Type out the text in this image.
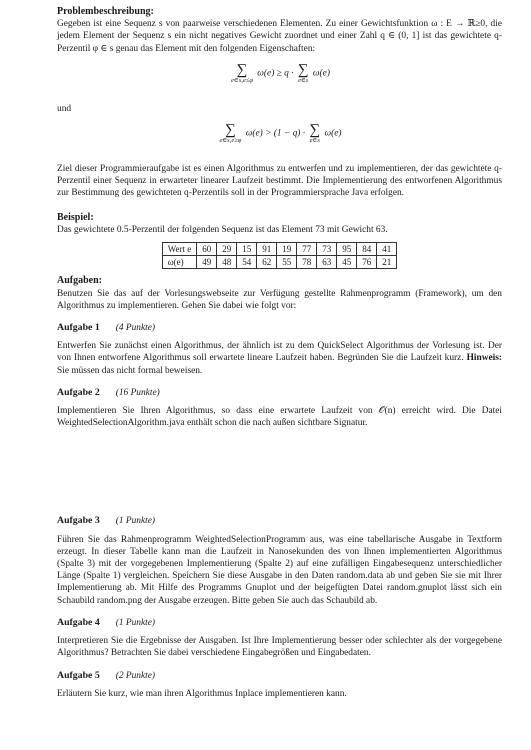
Problembeschreibung:

Gegeben ist eine Sequenz s von paarweise verschiedenen Elementen. Zu einer Gewichtsfunktion ω : E → ℝ≥0, die jedem Element der Sequenz s ein nicht negatives Gewicht zuordnet und einer Zahl q ∈ (0, 1] ist das gewichtete q-Perzentil φ ∈ s genau das Element mit den folgenden Eigenschaften:

∑
e∈s,e≤φ
ω(e) ≥ q · ∑
e∈s
ω(e)
und
∑
e∈s,e≥φ
ω(e) > (1 − q) · ∑
e∈s
ω(e)

Ziel dieser Programmieraufgabe ist es einen Algorithmus zu entwerfen und zu implementieren, der das gewichtete q-Perzentil einer Sequenz in erwarteter linearer Laufzeit bestimmt. Die Implementierung des entworfenen Algorithmus zur Bestimmung des gewichteten q-Perzentils soll in der Programmiersprache Java erfolgen.

Beispiel:

Das gewichtete 0.5-Perzentil der folgenden Sequenz ist das Element 73 mit Gewicht 63.

Wert e	60	29	15	91	19	77	73	95	84	41
ω(e)	49	48	54	62	55	78	63	45	76	21
Aufgaben:

Benutzen Sie das auf der Vorlesungswebseite zur Verfügung gestellte Rahmenprogramm (Framework), um den Algorithmus zu implementieren. Gehen Sie dabei wie folgt vor:

Aufgabe 1 (4 Punkte)

Entwerfen Sie zunächst einen Algorithmus, der ähnlich ist zu dem QuickSelect Algorithmus der Vorlesung ist. Der von Ihnen entworfene Algorithmus soll erwartete lineare Laufzeit haben. Begründen Sie die Laufzeit kurz. Hinweis: Sie müssen das nicht formal beweisen.

Aufgabe 2 (16 Punkte)

Implementieren Sie Ihren Algorithmus, so dass eine erwartete Laufzeit von 𝒪(n) erreicht wird. Die Datei WeightedSelectionAlgorithm.java enthält schon die nach außen sichtbare Signatur.

Aufgabe 3 (1 Punkte)

Führen Sie das Rahmenprogramm WeightedSelectionProgramm aus, was eine tabellarische Ausgabe in Textform erzeugt. In dieser Tabelle kann man die Laufzeit in Nanosekunden des von Ihnen implementierten Algorithmus (Spalte 3) mit der vorgegebenen Implementierung (Spalte 2) auf eine zufälligen Eingabesequenz unterschiedlicher Länge (Spalte 1) vergleichen. Speichern Sie diese Ausgabe in den Daten random.data ab und geben Sie sie mit Ihrer Implementierung ab. Mit Hilfe des Programms Gnuplot und der beigefügten Datei random.gnuplot lässt sich ein Schaubild random.png der Ausgabe erzeugen. Bitte geben Sie auch das Schaubild ab.

Aufgabe 4 (1 Punkte)

Interpretieren Sie die Ergebnisse der Ausgaben. Ist Ihre Implementierung besser oder schlechter als der vorgegebene Algorithmus? Betrachten Sie dabei verschiedene Eingabegrößen und Eingabedaten.

Aufgabe 5 (2 Punkte)

Erläutern Sie kurz, wie man ihren Algorithmus Inplace implementieren kann.
